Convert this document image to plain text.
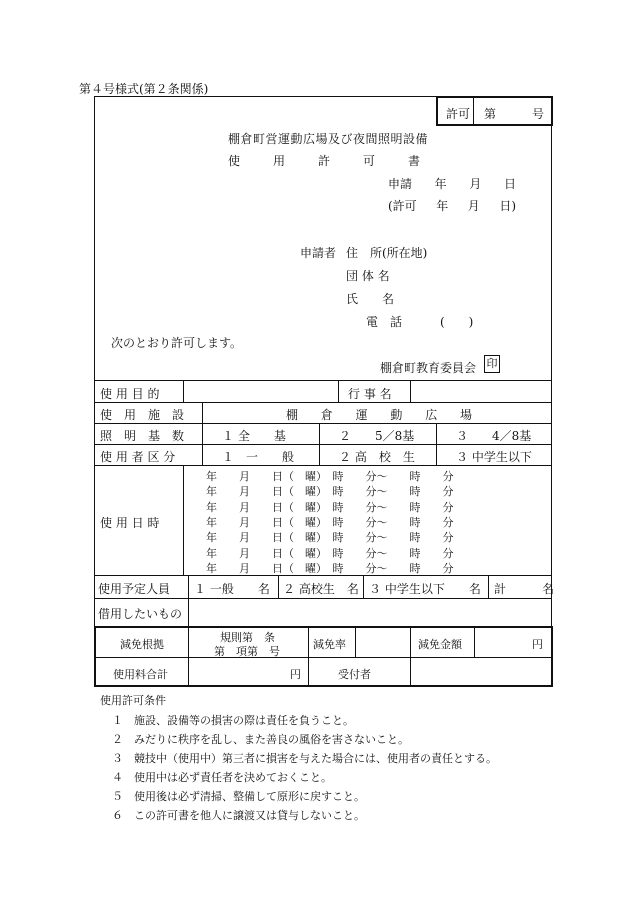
第４号様式(第２条関係)
許可 第	号
棚倉町営運動広場及び夜間照明設備
使	用	許	可	書
申請 年 月 日
(許可 年 月 日)
申請者 住　所(所在地)
団 体 名
氏　　名
電　話	(　　)
次のとおり許可します。
棚倉町教育委員会 印
使 用 目 的	行 事 名
使　用　施　設	棚 倉 運 動 広 場
照　明　基　数	１ 全　　基	２　　5／8基	３　　4／8基
使 用 者 区 分	１　一　　般	２ 高　校　生	３ 中学生以下
使 用 日 時
年　　月　　日（　曜）　時　　分～　　時　　分
年　　月　　日（　曜）　時　　分～　　時　　分
年　　月　　日（　曜）　時　　分～　　時　　分
年　　月　　日（　曜）　時　　分～　　時　　分
年　　月　　日（　曜）　時　　分～　　時　　分
年　　月　　日（　曜）　時　　分～　　時　　分
年　　月　　日（　曜）　時　　分～　　時　　分
使用予定人員 １ 一般　　名 ２ 高校生　名 ３ 中学生以下　　名 計　　　名
借用したいもの
減免根拠
規則第　条
第　項第　号
減免率	減免金額	円
使用料合計	円	受付者
使用許可条件
１　施設、設備等の損害の際は責任を負うこと。
２　みだりに秩序を乱し、また善良の風俗を害さないこと。
３　競技中（使用中）第三者に損害を与えた場合には、使用者の責任とする。
４　使用中は必ず責任者を決めておくこと。
５　使用後は必ず清掃、整備して原形に戻すこと。
６　この許可書を他人に譲渡又は貸与しないこと。
